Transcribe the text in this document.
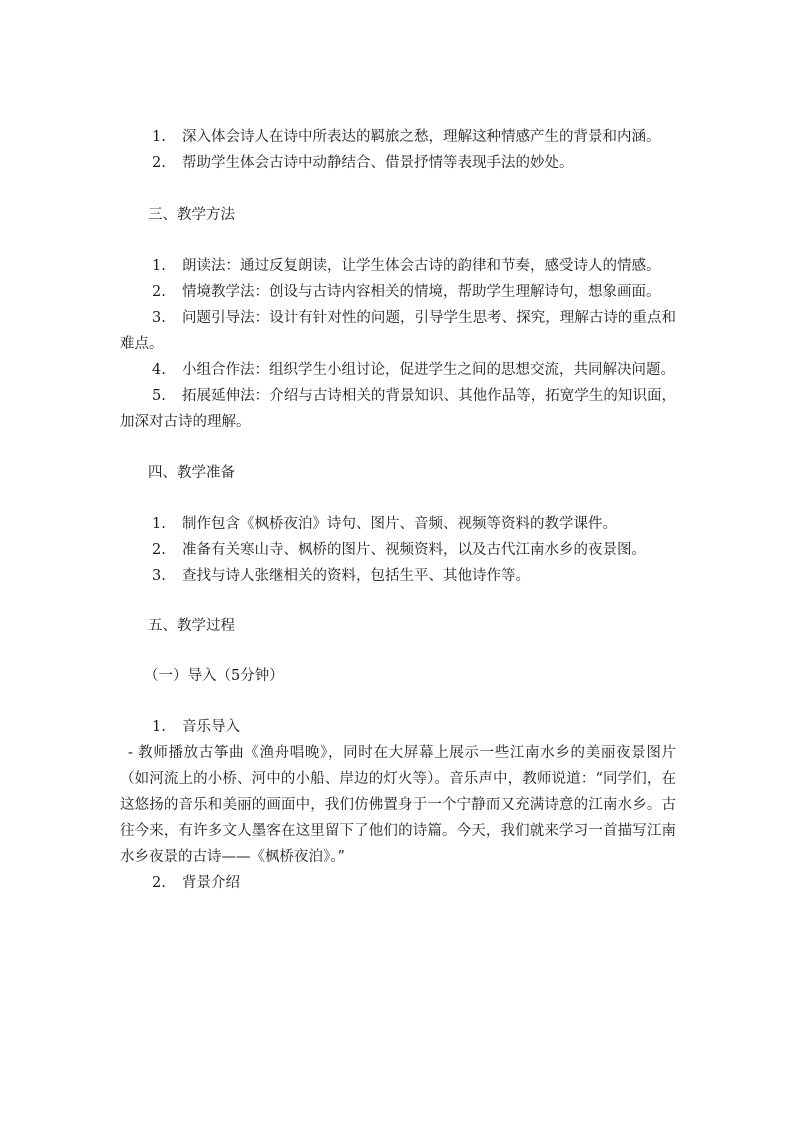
1. 深入体会诗人在诗中所表达的羁旅之愁，理解这种情感产生的背景和内涵。

2. 帮助学生体会古诗中动静结合、借景抒情等表现手法的妙处。

三、教学方法

1. 朗读法：通过反复朗读，让学生体会古诗的韵律和节奏，感受诗人的情感。

2. 情境教学法：创设与古诗内容相关的情境，帮助学生理解诗句，想象画面。

3. 问题引导法：设计有针对性的问题，引导学生思考、探究，理解古诗的重点和难点。

4. 小组合作法：组织学生小组讨论，促进学生之间的思想交流，共同解决问题。

5. 拓展延伸法：介绍与古诗相关的背景知识、其他作品等，拓宽学生的知识面，加深对古诗的理解。

四、教学准备

1. 制作包含《枫桥夜泊》诗句、图片、音频、视频等资料的教学课件。

2. 准备有关寒山寺、枫桥的图片、视频资料，以及古代江南水乡的夜景图。

3. 查找与诗人张继相关的资料，包括生平、其他诗作等。

五、教学过程

（一）导入（5分钟）

1. 音乐导入

- 教师播放古筝曲《渔舟唱晚》，同时在大屏幕上展示一些江南水乡的美丽夜景图片（如河流上的小桥、河中的小船、岸边的灯火等）。音乐声中，教师说道：“同学们，在这悠扬的音乐和美丽的画面中，我们仿佛置身于一个宁静而又充满诗意的江南水乡。古往今来，有许多文人墨客在这里留下了他们的诗篇。今天，我们就来学习一首描写江南水乡夜景的古诗——《枫桥夜泊》。”

2. 背景介绍
